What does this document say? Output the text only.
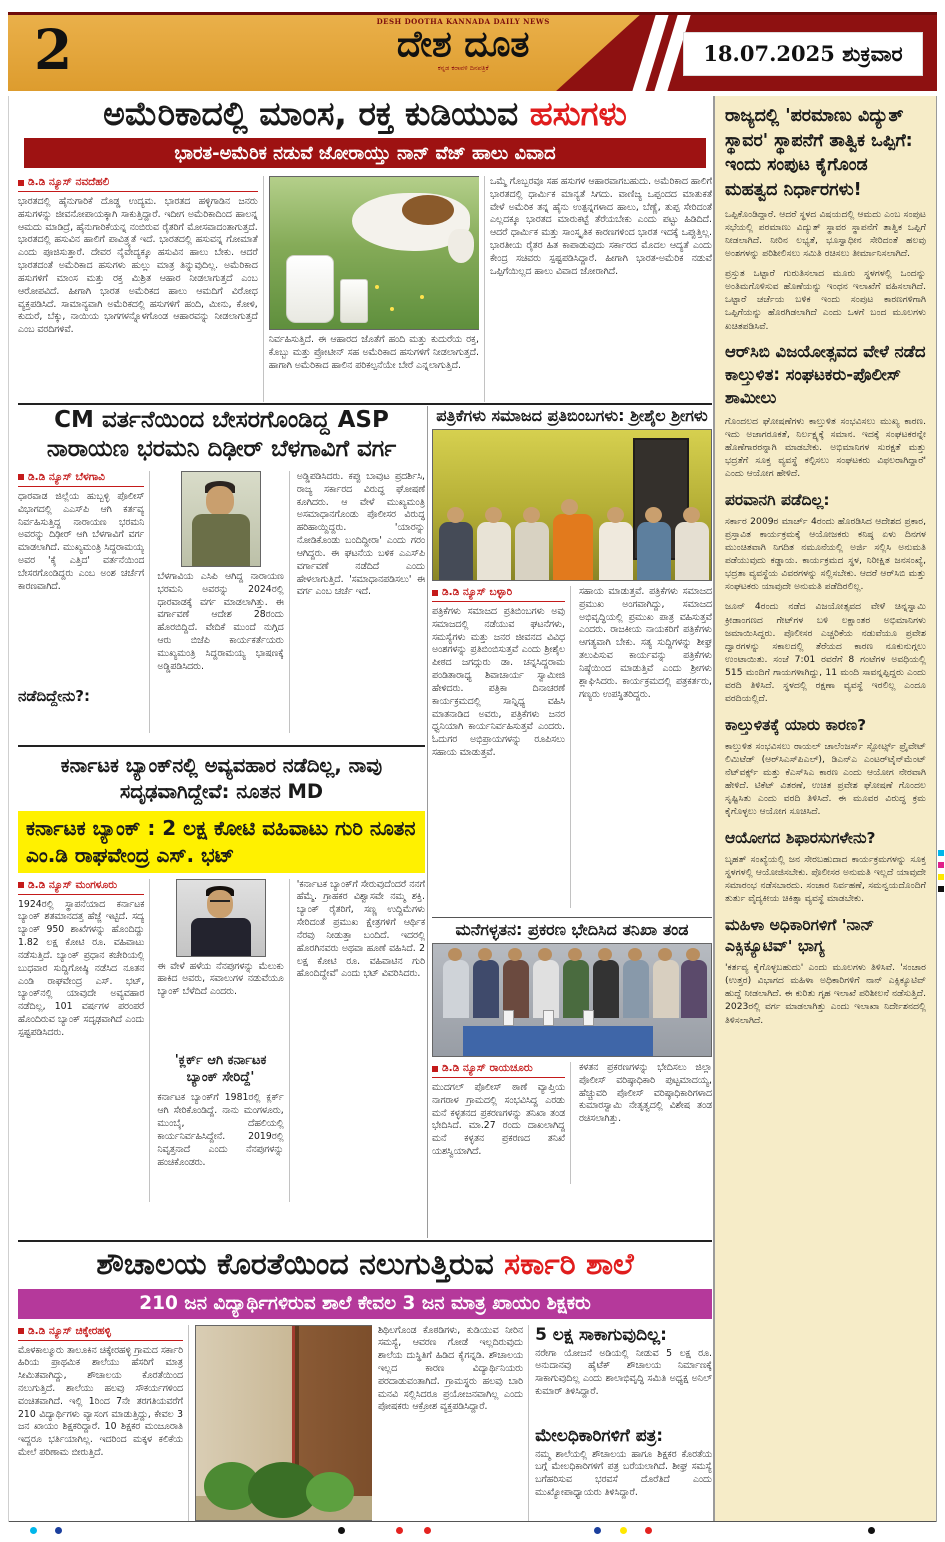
2	DESH DOOTHA KANNADA DAILY NEWS
ದೇಶ ದೂತ
ಕನ್ನಡ ಕರಾವಳಿ ದಿನಪತ್ರಿಕೆ
18.07.2025 ಶುಕ್ರವಾರ
ಅಮೆರಿಕಾದಲ್ಲಿ ಮಾಂಸ, ರಕ್ತ ಕುಡಿಯುವ ಹಸುಗಳು
ಭಾರತ-ಅಮೆರಿಕ ನಡುವೆ ಜೋರಾಯ್ತು ನಾನ್ ವೆಜ್ ಹಾಲು ವಿವಾದ
ಡಿ.ಡಿ ನ್ಯೂಸ್ ನವದೆಹಲಿ
ಭಾರತದಲ್ಲಿ ಹೈನುಗಾರಿಕೆ ದೊಡ್ಡ ಉದ್ಯಮ. ಭಾರತದ ಹಳ್ಳಿಗಾಡಿನ ಜನರು ಹಸುಗಳನ್ನು ಜೀವನೋಪಾಯಕ್ಕಾಗಿ ಸಾಕುತ್ತಿದ್ದಾರೆ. ಇದೀಗ ಅಮೆರಿಕಾದಿಂದ ಹಾಲನ್ನ ಆಮದು ಮಾಡಿದ್ರೆ, ಹೈನುಗಾರಿಕೆಯನ್ನ ನಂಬಿರುವ ರೈತರಿಗೆ ಮೋಸವಾದಂತಾಗುತ್ತದೆ. ಭಾರತದಲ್ಲಿ ಹಸುವಿನ ಹಾಲಿಗೆ ಪಾವಿತ್ರ್ಯತೆ ಇದೆ. ಭಾರತದಲ್ಲಿ ಹಸುವನ್ನ ಗೋಮಾತೆ ಎಂದು ಪೂಜಿಸುತ್ತಾರೆ. ದೇವರ ನೈವೇದ್ಯಕ್ಕೂ ಹಸುವಿನ ಹಾಲು ಬೇಕು. ಆದರೆ ಭಾರತದಂತೆ ಅಮೆರಿಕಾದ ಹಸುಗಳು ಹುಲ್ಲು ಮಾತ್ರ ತಿನ್ನುವುದಿಲ್ಲ. ಅಮೆರಿಕಾದ ಹಸುಗಳಿಗೆ ಮಾಂಸ ಮತ್ತು ರಕ್ತ ಮಿಶ್ರಿತ ಆಹಾರ ನೀಡಲಾಗುತ್ತದೆ ಎಂಬ ಆರೋಪವಿದೆ. ಹೀಗಾಗಿ ಭಾರತ ಅಮೆರಿಕದ ಹಾಲು ಆಮದಿಗೆ ವಿರೋಧ ವ್ಯಕ್ತಪಡಿಸಿದೆ. ಸಾಮಾನ್ಯವಾಗಿ ಅಮೆರಿಕದಲ್ಲಿ ಹಸುಗಳಿಗೆ ಹಂದಿ, ಮೀನು, ಕೋಳಿ, ಕುದುರೆ, ಬೆಕ್ಕು, ನಾಯಿಯ ಭಾಗಗಳನ್ನೊಳಗೊಂಡ ಆಹಾರವನ್ನು ನೀಡಲಾಗುತ್ತದೆ ಎಂಬ ವರದಿಗಳಿವೆ.
ನಿರ್ವಹಿಸುತ್ತಿದೆ. ಈ ಆಹಾರದ ಜೊತೆಗೆ ಹಂದಿ ಮತ್ತು ಕುದುರೆಯ ರಕ್ತ, ಕೊಬ್ಬು ಮತ್ತು ಪ್ರೋಟೀನ್ ಸಹ ಅಮೆರಿಕಾದ ಹಸುಗಳಿಗೆ ನೀಡಲಾಗುತ್ತದೆ. ಹಾಗಾಗಿ ಅಮೆರಿಕಾದ ಹಾಲಿನ ಪರಿಕಲ್ಪನೆಯೇ ಬೇರೆ ಎನ್ನಲಾಗುತ್ತಿದೆ.
ಒಮ್ಮೆ ಗೊಬ್ಬರವೂ ಸಹ ಹಸುಗಳ ಆಹಾರವಾಗಬಹುದು. ಅಮೆರಿಕಾದ ಹಾಲಿಗೆ ಭಾರತದಲ್ಲಿ ಧಾರ್ಮಿಕ ಮಾನ್ಯತೆ ಸಿಗದು. ವಾಣಿಜ್ಯ ಒಪ್ಪಂದದ ಮಾತುಕತೆ ವೇಳೆ ಅಮೆರಿಕ ತನ್ನ ಹೈನು ಉತ್ಪನ್ನಗಳಾದ ಹಾಲು, ಬೆಣ್ಣೆ, ತುಪ್ಪ ಸೇರಿದಂತೆ ಎಲ್ಲದಕ್ಕೂ ಭಾರತದ ಮಾರುಕಟ್ಟೆ ತೆರೆಯಬೇಕು ಎಂದು ಪಟ್ಟು ಹಿಡಿದಿದೆ. ಆದರೆ ಧಾರ್ಮಿಕ ಮತ್ತು ಸಾಂಸ್ಕೃತಿಕ ಕಾರಣಗಳಿಂದ ಭಾರತ ಇದಕ್ಕೆ ಒಪ್ಪುತ್ತಿಲ್ಲ. ಭಾರತೀಯ ರೈತರ ಹಿತ ಕಾಪಾಡುವುದು ಸರ್ಕಾರದ ಮೊದಲ ಆದ್ಯತೆ ಎಂದು ಕೇಂದ್ರ ಸಚಿವರು ಸ್ಪಷ್ಟಪಡಿಸಿದ್ದಾರೆ. ಹೀಗಾಗಿ ಭಾರತ-ಅಮೆರಿಕ ನಡುವೆ ಒಪ್ಪಿಗೆಯಿಲ್ಲದ ಹಾಲು ವಿವಾದ ಜೋರಾಗಿದೆ.
CM ವರ್ತನೆಯಿಂದ ಬೇಸರಗೊಂಡಿದ್ದ ASP ನಾರಾಯಣ ಭರಮನಿ ದಿಢೀರ್ ಬೆಳಗಾವಿಗೆ ವರ್ಗ
ಡಿ.ಡಿ ನ್ಯೂಸ್ ಬೆಳಗಾವಿ
ಧಾರವಾಡ ಜಿಲ್ಲೆಯ ಹುಬ್ಬಳ್ಳಿ ಪೊಲೀಸ್ ವಿಭಾಗದಲ್ಲಿ ಎಎಸ್‌ಪಿ ಆಗಿ ಕರ್ತವ್ಯ ನಿರ್ವಹಿಸುತ್ತಿದ್ದ ನಾರಾಯಣ ಭರಮನಿ ಅವರನ್ನು ದಿಢೀರ್ ಆಗಿ ಬೆಳಗಾವಿಗೆ ವರ್ಗ ಮಾಡಲಾಗಿದೆ. ಮುಖ್ಯಮಂತ್ರಿ ಸಿದ್ದರಾಮಯ್ಯ ಅವರ 'ಕೈ ಎತ್ತಿದ' ವರ್ತನೆಯಿಂದ ಬೇಸರಗೊಂಡಿದ್ದರು ಎಂಬ ಅಂಶ ಚರ್ಚೆಗೆ ಕಾರಣವಾಗಿದೆ.
ನಡೆದಿದ್ದೇನು?:
ಬೆಳಗಾವಿಯ ಎಸಿಪಿ ಆಗಿದ್ದ ನಾರಾಯಣ ಭರಮನಿ ಅವರನ್ನು 2024ರಲ್ಲಿ ಧಾರವಾಡಕ್ಕೆ ವರ್ಗ ಮಾಡಲಾಗಿತ್ತು. ಈ ವರ್ಗಾವಣೆ ಆದೇಶ 28ರಂದು ಹೊರಬಿದ್ದಿದೆ. ವೇದಿಕೆ ಮುಂದೆ ನುಗ್ಗಿದ ಆರು ಬಿಜೆಪಿ ಕಾರ್ಯಕರ್ತೆಯರು ಮುಖ್ಯಮಂತ್ರಿ ಸಿದ್ದರಾಮಯ್ಯ ಭಾಷಣಕ್ಕೆ ಅಡ್ಡಿಪಡಿಸಿದರು.
ಅಡ್ಡಿಪಡಿಸಿದರು. ಕಪ್ಪು ಬಾವುಟ ಪ್ರದರ್ಶಿಸಿ, ರಾಜ್ಯ ಸರ್ಕಾರದ ವಿರುದ್ಧ ಘೋಷಣೆ ಕೂಗಿದರು. ಆ ವೇಳೆ ಮುಖ್ಯಮಂತ್ರಿ ಅಸಮಾಧಾನಗೊಂಡು ಪೊಲೀಸರ ವಿರುದ್ಧ ಹರಿಹಾಯ್ದಿದ್ದರು. 'ಯಾರನ್ನು ನೋಡಿಕೊಂಡು ಬಂದಿದ್ದೀರಾ' ಎಂದು ಗರಂ ಆಗಿದ್ದರು. ಈ ಘಟನೆಯ ಬಳಿಕ ಎಎಸ್‌ಪಿ ವರ್ಗಾವಣೆ ನಡೆದಿದೆ ಎಂದು ಹೇಳಲಾಗುತ್ತಿದೆ. 'ಸಮಾಧಾನಪಡಿಸಲು' ಈ ವರ್ಗ ಎಂಬ ಚರ್ಚೆ ಇದೆ.
ಕರ್ನಾಟಕ ಬ್ಯಾಂಕ್‌ನಲ್ಲಿ ಅವ್ಯವಹಾರ ನಡೆದಿಲ್ಲ, ನಾವು ಸದೃಢವಾಗಿದ್ದೇವೆ: ನೂತನ MD
ಕರ್ನಾಟಕ ಬ್ಯಾಂಕ್ : 2 ಲಕ್ಷ ಕೋಟಿ ವಹಿವಾಟು ಗುರಿ ನೂತನ ಎಂ.ಡಿ ರಾಘವೇಂದ್ರ ಎಸ್. ಭಟ್
ಡಿ.ಡಿ ನ್ಯೂಸ್ ಮಂಗಳೂರು
1924ರಲ್ಲಿ ಸ್ಥಾಪನೆಯಾದ ಕರ್ನಾಟಕ ಬ್ಯಾಂಕ್ ಶತಮಾನದತ್ತ ಹೆಜ್ಜೆ ಇಟ್ಟಿದೆ. ಸದ್ಯ ಬ್ಯಾಂಕ್ 950 ಶಾಖೆಗಳನ್ನು ಹೊಂದಿದ್ದು 1.82 ಲಕ್ಷ ಕೋಟಿ ರೂ. ವಹಿವಾಟು ನಡೆಸುತ್ತಿದೆ. ಬ್ಯಾಂಕ್ ಪ್ರಧಾನ ಕಚೇರಿಯಲ್ಲಿ ಬುಧವಾರ ಸುದ್ದಿಗೋಷ್ಠಿ ನಡೆಸಿದ ನೂತನ ಎಂಡಿ ರಾಘವೇಂದ್ರ ಎಸ್. ಭಟ್, ಬ್ಯಾಂಕ್‌ನಲ್ಲಿ ಯಾವುದೇ ಅವ್ಯವಹಾರ ನಡೆದಿಲ್ಲ, 101 ವರ್ಷಗಳ ಪರಂಪರೆ ಹೊಂದಿರುವ ಬ್ಯಾಂಕ್ ಸದೃಢವಾಗಿದೆ ಎಂದು ಸ್ಪಷ್ಟಪಡಿಸಿದರು.
ಈ ವೇಳೆ ಹಳೆಯ ನೆನಪುಗಳನ್ನು ಮೆಲುಕು ಹಾಕಿದ ಅವರು, ಸವಾಲುಗಳ ನಡುವೆಯೂ ಬ್ಯಾಂಕ್ ಬೆಳೆದಿದೆ ಎಂದರು.
'ಕ್ಲರ್ಕ್ ಆಗಿ ಕರ್ನಾಟಕ ಬ್ಯಾಂಕ್ ಸೇರಿದ್ದೆ'
ಕರ್ನಾಟಕ ಬ್ಯಾಂಕ್‌ಗೆ 1981ರಲ್ಲಿ ಕ್ಲರ್ಕ್ ಆಗಿ ಸೇರಿಕೊಂಡಿದ್ದೆ. ನಾನು ಮಂಗಳೂರು, ಮುಂಬೈ, ದೆಹಲಿಯಲ್ಲಿ ಕಾರ್ಯನಿರ್ವಹಿಸಿದ್ದೇನೆ. 2019ರಲ್ಲಿ ನಿವೃತ್ತನಾದೆ ಎಂದು ನೆನಪುಗಳನ್ನು ಹಂಚಿಕೊಂಡರು.
'ಕರ್ನಾಟಕ ಬ್ಯಾಂಕ್‌ಗೆ ಸೇರುವುದೆಂದರೆ ನನಗೆ ಹೆಮ್ಮೆ. ಗ್ರಾಹಕರ ವಿಶ್ವಾಸವೇ ನಮ್ಮ ಶಕ್ತಿ. ಬ್ಯಾಂಕ್ ರೈತರಿಗೆ, ಸಣ್ಣ ಉದ್ದಿಮೆಗಳು ಸೇರಿದಂತೆ ಪ್ರಮುಖ ಕ್ಷೇತ್ರಗಳಿಗೆ ಆರ್ಥಿಕ ನೆರವು ನೀಡುತ್ತಾ ಬಂದಿದೆ. ಇದರಲ್ಲಿ ಹೊರಗಿನವರು ಅಥವಾ ಹೂಣೆ ವಹಿಸಿದೆ. 2 ಲಕ್ಷ ಕೋಟಿ ರೂ. ವಹಿವಾಟಿನ ಗುರಿ ಹೊಂದಿದ್ದೇವೆ' ಎಂದು ಭಟ್ ವಿವರಿಸಿದರು.
ಪತ್ರಿಕೆಗಳು ಸಮಾಜದ ಪ್ರತಿಬಿಂಬಗಳು: ಶ್ರೀಶೈಲ ಶ್ರೀಗಳು
ಡಿ.ಡಿ ನ್ಯೂಸ್ ಬಳ್ಳಾರಿ
ಪತ್ರಿಕೆಗಳು ಸಮಾಜದ ಪ್ರತಿಬಿಂಬಗಳು ಅವು ಸಮಾಜದಲ್ಲಿ ನಡೆಯುವ ಘಟನೆಗಳು, ಸಮಸ್ಯೆಗಳು ಮತ್ತು ಜನರ ಜೀವನದ ವಿವಿಧ ಅಂಶಗಳನ್ನು ಪ್ರತಿಬಿಂಬಿಸುತ್ತವೆ ಎಂದು ಶ್ರೀಶೈಲ ಪೀಠದ ಜಗದ್ಗುರು ಡಾ. ಚನ್ನಸಿದ್ದರಾಮ ಪಂಡಿತಾರಾಧ್ಯ ಶಿವಾಚಾರ್ಯ ಸ್ವಾಮೀಜಿ ಹೇಳಿದರು. ಪತ್ರಿಕಾ ದಿನಾಚರಣೆ ಕಾರ್ಯಕ್ರಮದಲ್ಲಿ ಸಾನ್ನಿಧ್ಯ ವಹಿಸಿ ಮಾತನಾಡಿದ ಅವರು, ಪತ್ರಿಕೆಗಳು ಜನರ ಧ್ವನಿಯಾಗಿ ಕಾರ್ಯನಿರ್ವಹಿಸುತ್ತವೆ ಎಂದರು. ಓದುಗರ ಅಭಿಪ್ರಾಯಗಳನ್ನು ರೂಪಿಸಲು ಸಹಾಯ ಮಾಡುತ್ತವೆ.
ಸಹಾಯ ಮಾಡುತ್ತವೆ. ಪತ್ರಿಕೆಗಳು ಸಮಾಜದ ಪ್ರಮುಖ ಅಂಗವಾಗಿದ್ದು, ಸಮಾಜದ ಅಭಿವೃದ್ಧಿಯಲ್ಲಿ ಪ್ರಮುಖ ಪಾತ್ರ ವಹಿಸುತ್ತವೆ ಎಂದರು. ರಾಜಕೀಯ ನಾಯಕರಿಗೆ ಪತ್ರಿಕೆಗಳು ಆಗತ್ಯವಾಗಿ ಬೇಕು. ಸತ್ಯ ಸುದ್ದಿಗಳನ್ನು ಶೀಘ್ರ ತಲುಪಿಸುವ ಕಾರ್ಯವನ್ನು ಪತ್ರಿಕೆಗಳು ನಿಷ್ಠೆಯಿಂದ ಮಾಡುತ್ತಿವೆ ಎಂದು ಶ್ರೀಗಳು ಶ್ಲಾಘಿಸಿದರು. ಕಾರ್ಯಕ್ರಮದಲ್ಲಿ ಪತ್ರಕರ್ತರು, ಗಣ್ಯರು ಉಪಸ್ಥಿತರಿದ್ದರು.
ಮನೆಗಳ್ಳತನ: ಪ್ರಕರಣ ಭೇದಿಸಿದ ತನಿಖಾ ತಂಡ
ಡಿ.ಡಿ ನ್ಯೂಸ್ ರಾಯಚೂರು
ಮುದಗಲ್ ಪೊಲೀಸ್ ಠಾಣೆ ವ್ಯಾಪ್ತಿಯ ನಾಗರಾಳ ಗ್ರಾಮದಲ್ಲಿ ಸಂಭವಿಸಿದ್ದ ಎರಡು ಮನೆ ಕಳ್ಳತನದ ಪ್ರಕರಣಗಳನ್ನು ತನಿಖಾ ತಂಡ ಭೇದಿಸಿದೆ. ಮಾ.27 ರಂದು ದಾಖಲಾಗಿದ್ದ ಮನೆ ಕಳ್ಳತನ ಪ್ರಕರಣದ ತನಿಖೆ ಯಶಸ್ವಿಯಾಗಿದೆ.
ಕಳತನ ಪ್ರಕರಣಗಳನ್ನು ಭೇದಿಸಲು ಜಿಲ್ಲಾ ಪೊಲೀಸ್ ವರಿಷ್ಠಾಧಿಕಾರಿ ಪುಟ್ಟಮಾದಯ್ಯ, ಹೆಚ್ಚುವರಿ ಪೊಲೀಸ್ ವರಿಷ್ಠಾಧಿಕಾರಿಗಳಾದ ಕುಮಾರಸ್ವಾಮಿ ನೇತೃತ್ವದಲ್ಲಿ ವಿಶೇಷ ತಂಡ ರಚಿಸಲಾಗಿತ್ತು.
ರಾಜ್ಯದಲ್ಲಿ 'ಪರಮಾಣು ವಿದ್ಯುತ್ ಸ್ಥಾವರ' ಸ್ಥಾಪನೆಗೆ ತಾತ್ವಿಕ ಒಪ್ಪಿಗೆ: ಇಂದು ಸಂಪುಟ ಕೈಗೊಂಡ ಮಹತ್ವದ ನಿರ್ಧಾರಗಳು!
ಒಪ್ಪಿಕೊಂಡಿದ್ದಾರೆ. ಆದರೆ ಸ್ಥಳದ ವಿಷಯದಲ್ಲಿ ಆಮದು ಎಂಬ ಸಂಪುಟ ಸಭೆಯಲ್ಲಿ ಪರಮಾಣು ವಿದ್ಯುತ್ ಸ್ಥಾವರ ಸ್ಥಾಪನೆಗೆ ತಾತ್ವಿಕ ಒಪ್ಪಿಗೆ ನೀಡಲಾಗಿದೆ. ನೀರಿನ ಲಭ್ಯತೆ, ಭೂಸ್ವಾಧೀನ ಸೇರಿದಂತೆ ಹಲವು ಅಂಶಗಳನ್ನು ಪರಿಶೀಲಿಸಲು ಸಮಿತಿ ರಚಿಸಲು ತೀರ್ಮಾನಿಸಲಾಗಿದೆ.
ಪ್ರಸ್ತುತ ಒಟ್ಟಾರೆ ಗುರುತಿಸಲಾದ ಮೂರು ಸ್ಥಳಗಳಲ್ಲಿ ಒಂದನ್ನು ಅಂತಿಮಗೊಳಿಸುವ ಹೊಣೆಯನ್ನು ಇಂಧನ ಇಲಾಖೆಗೆ ವಹಿಸಲಾಗಿದೆ. ಒಟ್ಟಾರೆ ಚರ್ಚೆಯ ಬಳಿಕ ಇಂದು ಸಂಪುಟ ಕಾರಣಗಳಿಗಾಗಿ ಒಪ್ಪಿಗೆಯನ್ನು ಹೊರಗಿಡಲಾಗಿದೆ ಎಂದು ಒಳಗೆ ಬಂದ ಮೂಲಗಳು ಖಚಿತಪಡಿಸಿವೆ.
ಆರ್‌ಸಿಬಿ ವಿಜಯೋತ್ಸವದ ವೇಳೆ ನಡೆದ ಕಾಲ್ತುಳಿತ: ಸಂಘಟಕರು-ಪೊಲೀಸ್ ಶಾಮೀಲು
ಗೊಂದಲದ ಘೋಷಣೆಗಳು ಕಾಲ್ತುಳಿತ ಸಂಭವಿಸಲು ಮುಖ್ಯ ಕಾರಣ. ಇದು ಅಜಾಗರೂಕತೆ, ನಿರ್ಲಕ್ಷ್ಯಕ್ಕೆ ಸಮಾನ. ಇದಕ್ಕೆ ಸಂಘಟಕರನ್ನೇ ಹೊಣೆಗಾರರನ್ನಾಗಿ ಮಾಡಬೇಕು. ಅಭಿಮಾನಿಗಳ ಸುರಕ್ಷತೆ ಮತ್ತು ಭದ್ರತೆಗೆ ಸೂಕ್ತ ವ್ಯವಸ್ಥೆ ಕಲ್ಪಿಸಲು ಸಂಘಟಕರು ವಿಫಲರಾಗಿದ್ದಾರೆ' ಎಂದು ಆಯೋಗ ಹೇಳಿದೆ.
ಪರವಾನಗಿ ಪಡೆದಿಲ್ಲ:
ಸರ್ಕಾರ 2009ರ ಮಾರ್ಚ್ 4ರಂದು ಹೊರಡಿಸಿದ ಆದೇಶದ ಪ್ರಕಾರ, ಪ್ರಸ್ತಾವಿತ ಕಾರ್ಯಕ್ರಮಕ್ಕೆ ಆಯೋಜಕರು ಕನಿಷ್ಠ ಏಳು ದಿನಗಳ ಮುಂಚಿತವಾಗಿ ನಿಗದಿತ ನಮೂನೆಯಲ್ಲಿ ಅರ್ಜಿ ಸಲ್ಲಿಸಿ ಅನುಮತಿ ಪಡೆಯುವುದು ಕಡ್ಡಾಯ. ಕಾರ್ಯಕ್ರಮದ ಸ್ಥಳ, ನಿರೀಕ್ಷಿತ ಜನಸಂಖ್ಯೆ, ಭದ್ರತಾ ವ್ಯವಸ್ಥೆಯ ವಿವರಗಳನ್ನು ಸಲ್ಲಿಸಬೇಕು. ಆದರೆ ಆರ್‌ಸಿಬಿ ಮತ್ತು ಸಂಘಟಕರು ಯಾವುದೇ ಅನುಮತಿ ಪಡೆದಿರಲಿಲ್ಲ.
ಜೂನ್ 4ರಂದು ನಡೆದ ವಿಜಯೋತ್ಸವದ ವೇಳೆ ಚಿನ್ನಸ್ವಾಮಿ ಕ್ರೀಡಾಂಗಣದ ಗೇಟ್‌ಗಳ ಬಳಿ ಲಕ್ಷಾಂತರ ಅಭಿಮಾನಿಗಳು ಜಮಾಯಿಸಿದ್ದರು. ಪೊಲೀಸರ ಎಚ್ಚರಿಕೆಯ ನಡುವೆಯೂ ಪ್ರವೇಶ ದ್ವಾರಗಳನ್ನು ಸಕಾಲದಲ್ಲಿ ತೆರೆಯದ ಕಾರಣ ನೂಕುನುಗ್ಗಲು ಉಂಟಾಯಿತು. ಸಂಜೆ 7:01 ರವರೆಗೆ 8 ಗಂಟೆಗಳ ಅವಧಿಯಲ್ಲಿ 515 ಮಂದಿಗೆ ಗಾಯಗಳಾಗಿದ್ದು, 11 ಮಂದಿ ಸಾವನ್ನಪ್ಪಿದ್ದರು ಎಂದು ವರದಿ ತಿಳಿಸಿದೆ. ಸ್ಥಳದಲ್ಲಿ ರಕ್ಷಣಾ ವ್ಯವಸ್ಥೆ ಇರಲಿಲ್ಲ ಎಂದೂ ವರದಿಯಲ್ಲಿದೆ.
ಕಾಲ್ತುಳಿತಕ್ಕೆ ಯಾರು ಕಾರಣ?
ಕಾಲ್ತುಳಿತ ಸಂಭವಿಸಲು ರಾಯಲ್ ಚಾಲೆಂಜರ್ಸ್ ಸ್ಪೋರ್ಟ್ಸ್ ಪ್ರೈವೇಟ್ ಲಿಮಿಟೆಡ್ (ಆರ್‌ಸಿಎಸ್‌ಪಿಎಲ್), ಡಿಎನ್ಎ ಎಂಟರ್‌ಟೈನ್‌ಮೆಂಟ್ ನೆಟ್‌ವರ್ಕ್ಸ್ ಮತ್ತು ಕೆಎಸ್‌ಸಿಎ ಕಾರಣ ಎಂದು ಆಯೋಗ ನೇರವಾಗಿ ಹೇಳಿದೆ. ಟಿಕೆಟ್ ವಿತರಣೆ, ಉಚಿತ ಪ್ರವೇಶ ಘೋಷಣೆ ಗೊಂದಲ ಸೃಷ್ಟಿಸಿತು ಎಂದು ವರದಿ ತಿಳಿಸಿದೆ. ಈ ಮೂವರ ವಿರುದ್ಧ ಕ್ರಮ ಕೈಗೊಳ್ಳಲು ಆಯೋಗ ಸೂಚಿಸಿದೆ.
ಆಯೋಗದ ಶಿಫಾರಸುಗಳೇನು?
ಬೃಹತ್ ಸಂಖ್ಯೆಯಲ್ಲಿ ಜನ ಸೇರಬಹುದಾದ ಕಾರ್ಯಕ್ರಮಗಳನ್ನು ಸೂಕ್ತ ಸ್ಥಳಗಳಲ್ಲಿ ಆಯೋಜಿಸಬೇಕು. ಪೊಲೀಸರ ಅನುಮತಿ ಇಲ್ಲದೆ ಯಾವುದೇ ಸಮಾರಂಭ ನಡೆಸಬಾರದು. ಸಂಚಾರ ನಿರ್ವಹಣೆ, ಸಮನ್ವಯದೊಂದಿಗೆ ತುರ್ತು ವೈದ್ಯಕೀಯ ಚಿಕಿತ್ಸಾ ವ್ಯವಸ್ಥೆ ಮಾಡಬೇಕು.
ಮಹಿಳಾ ಅಧಿಕಾರಿಗಳಿಗೆ 'ನಾನ್ ಎಕ್ಸಿಕ್ಯೂಟಿವ್' ಭಾಗ್ಯ
'ಕರ್ತವ್ಯ ಕೈಗೊಳ್ಳಬಹುದು' ಎಂದು ಮೂಲಗಳು ತಿಳಿಸಿವೆ. 'ಸಂಚಾರ (ಉತ್ತರ) ವಿಭಾಗದ ಮಹಿಳಾ ಅಧಿಕಾರಿಗಳಿಗೆ ನಾನ್ ಎಕ್ಸಿಕ್ಯೂಟಿವ್ ಹುದ್ದೆ ನೀಡಲಾಗಿದೆ. ಈ ಕುರಿತು ಗೃಹ ಇಲಾಖೆ ಪರಿಶೀಲನೆ ನಡೆಸುತ್ತಿದೆ. 2023ರಲ್ಲಿ ವರ್ಗ ಮಾಡಲಾಗಿತ್ತು ಎಂದು ಇಲಾಖಾ ನಿರ್ದೇಶನದಲ್ಲಿ ತಿಳಿಸಲಾಗಿದೆ.
ಶೌಚಾಲಯ ಕೊರತೆಯಿಂದ ನಲುಗುತ್ತಿರುವ ಸರ್ಕಾರಿ ಶಾಲೆ
210 ಜನ ವಿದ್ಯಾರ್ಥಿಗಳಿರುವ ಶಾಲೆ ಕೇವಲ 3 ಜನ ಮಾತ್ರ ಖಾಯಂ ಶಿಕ್ಷಕರು
ಡಿ.ಡಿ ನ್ಯೂಸ್ ಚಿಕ್ಕೇರಹಳ್ಳಿ
ಮೊಳಕಾಲ್ಮೂರು ತಾಲೂಕಿನ ಚಿಕ್ಕೇರಹಳ್ಳಿ ಗ್ರಾಮದ ಸರ್ಕಾರಿ ಹಿರಿಯ ಪ್ರಾಥಮಿಕ ಶಾಲೆಯು ಹೆಸರಿಗೆ ಮಾತ್ರ ಸೀಮಿತವಾಗಿದ್ದು, ಶೌಚಾಲಯ ಕೊರತೆಯಿಂದ ನಲುಗುತ್ತಿದೆ. ಶಾಲೆಯು ಹಲವು ಸೌಕರ್ಯಗಳಿಂದ ವಂಚಿತವಾಗಿದೆ. ಇಲ್ಲಿ 1ರಿಂದ 7ನೇ ತರಗತಿಯವರೆಗೆ 210 ವಿದ್ಯಾರ್ಥಿಗಳು ವ್ಯಾಸಂಗ ಮಾಡುತ್ತಿದ್ದು, ಕೇವಲ 3 ಜನ ಖಾಯಂ ಶಿಕ್ಷಕರಿದ್ದಾರೆ. 10 ಶಿಕ್ಷಕರ ಮಂಜೂರಾತಿ ಇದ್ದರೂ ಭರ್ತಿಯಾಗಿಲ್ಲ. ಇದರಿಂದ ಮಕ್ಕಳ ಕಲಿಕೆಯ ಮೇಲೆ ಪರಿಣಾಮ ಬೀರುತ್ತಿದೆ.
ಶಿಥಿಲಗೊಂಡ ಕೊಠಡಿಗಳು, ಕುಡಿಯುವ ನೀರಿನ ಸಮಸ್ಯೆ, ಆವರಣ ಗೋಡೆ ಇಲ್ಲದಿರುವುದು ಶಾಲೆಯ ದುಸ್ಥಿತಿಗೆ ಹಿಡಿದ ಕೈಗನ್ನಡಿ. ಶೌಚಾಲಯ ಇಲ್ಲದ ಕಾರಣ ವಿದ್ಯಾರ್ಥಿನಿಯರು ಪರದಾಡುವಂತಾಗಿದೆ. ಗ್ರಾಮಸ್ಥರು ಹಲವು ಬಾರಿ ಮನವಿ ಸಲ್ಲಿಸಿದರೂ ಪ್ರಯೋಜನವಾಗಿಲ್ಲ ಎಂದು ಪೋಷಕರು ಆಕ್ರೋಶ ವ್ಯಕ್ತಪಡಿಸಿದ್ದಾರೆ.
5 ಲಕ್ಷ ಸಾಕಾಗುವುದಿಲ್ಲ:
ನರೇಗಾ ಯೋಜನೆ ಅಡಿಯಲ್ಲಿ ನೀಡುವ 5 ಲಕ್ಷ ರೂ. ಅನುದಾನವು ಹೈಟೆಕ್ ಶೌಚಾಲಯ ನಿರ್ಮಾಣಕ್ಕೆ ಸಾಕಾಗುವುದಿಲ್ಲ ಎಂದು ಶಾಲಾಭಿವೃದ್ಧಿ ಸಮಿತಿ ಅಧ್ಯಕ್ಷ ಅನಿಲ್ ಕುಮಾರ್ ತಿಳಿಸಿದ್ದಾರೆ.
ಮೇಲಧಿಕಾರಿಗಳಿಗೆ ಪತ್ರ:
ನಮ್ಮ ಶಾಲೆಯಲ್ಲಿ ಶೌಚಾಲಯ ಹಾಗೂ ಶಿಕ್ಷಕರ ಕೊರತೆಯ ಬಗ್ಗೆ ಮೇಲಧಿಕಾರಿಗಳಿಗೆ ಪತ್ರ ಬರೆಯಲಾಗಿದೆ. ಶೀಘ್ರ ಸಮಸ್ಯೆ ಬಗೆಹರಿಸುವ ಭರವಸೆ ದೊರೆತಿದೆ ಎಂದು ಮುಖ್ಯೋಪಾಧ್ಯಾಯರು ತಿಳಿಸಿದ್ದಾರೆ.
